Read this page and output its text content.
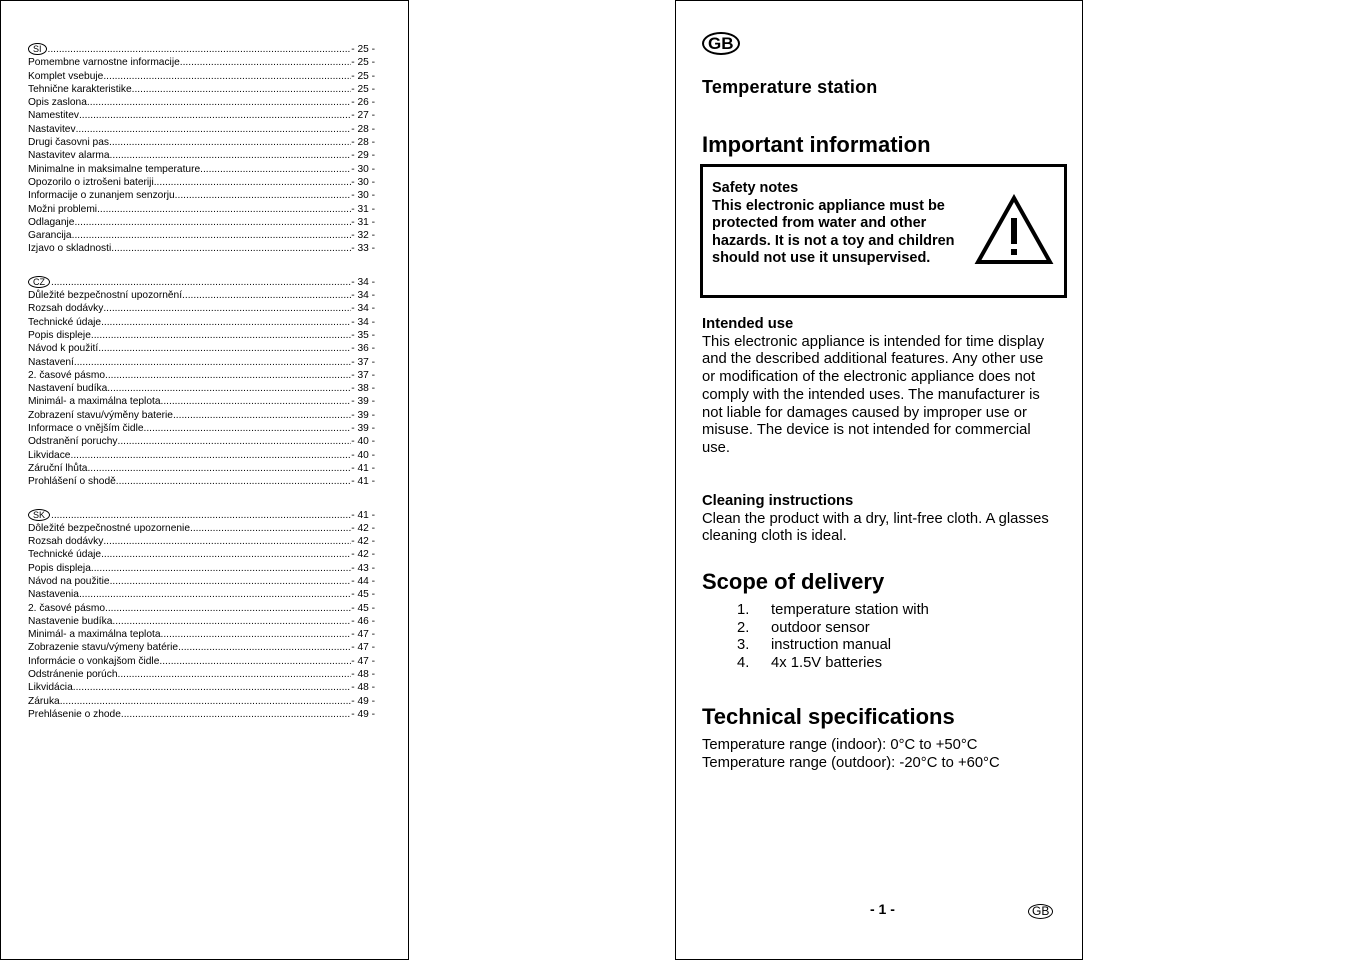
SI .....	- 25 -
Pomembne varnostne informacije .....	- 25 -
Komplet vsebuje .....	- 25 -
Tehnične karakteristike .....	- 25 -
Opis zaslona .....	- 26 -
Namestitev .....	- 27 -
Nastavitev .....	- 28 -
Drugi časovni pas .....	- 28 -
Nastavitev alarma .....	- 29 -
Minimalne in maksimalne temperature .....	- 30 -
Opozorilo o iztrošeni bateriji .....	- 30 -
Informacije o zunanjem senzorju .....	- 30 -
Možni problemi .....	- 31 -
Odlaganje .....	- 31 -
Garancija .....	- 32 -
Izjavo o skladnosti .....	- 33 -
CZ .....	- 34 -
Důležité bezpečnostní upozornění .....	- 34 -
Rozsah dodávky .....	- 34 -
Technické údaje .....	- 34 -
Popis displeje .....	- 35 -
Návod k použití .....	- 36 -
Nastavení .....	- 37 -
2. časové pásmo .....	- 37 -
Nastavení budíka .....	- 38 -
Minimál- a maximálna teplota .....	- 39 -
Zobrazení stavu/výměny baterie .....	- 39 -
Informace o vnějším čidle .....	- 39 -
Odstranění poruchy .....	- 40 -
Likvidace .....	- 40 -
Záruční lhůta .....	- 41 -
Prohlášení o shodě .....	- 41 -
SK .....	- 41 -
Dôležité bezpečnostné upozornenie .....	- 42 -
Rozsah dodávky .....	- 42 -
Technické údaje .....	- 42 -
Popis displeja .....	- 43 -
Návod na použitie .....	- 44 -
Nastavenia .....	- 45 -
2. časové pásmo .....	- 45 -
Nastavenie budíka .....	- 46 -
Minimál- a maximálna teplota .....	- 47 -
Zobrazenie stavu/výmeny batérie .....	- 47 -
Informácie o vonkajšom čidle .....	- 47 -
Odstránenie porúch .....	- 48 -
Likvidácia .....	- 48 -
Záruka .....	- 49 -
Prehlásenie o zhode .....	- 49 -
GB
Temperature station
Important information
Safety notes
This electronic appliance must be protected from water and other hazards. It is not a toy and children should not use it unsupervised.
Intended use
This electronic appliance is intended for time display and the described additional features. Any other use or modification of the electronic appliance does not comply with the intended uses. The manufacturer is not liable for damages caused by improper use or misuse. The device is not intended for commercial use.
Cleaning instructions
Clean the product with a dry, lint-free cloth. A glasses cleaning cloth is ideal.
Scope of delivery
1.	temperature station with
2.	outdoor sensor
3.	instruction manual
4.	4x 1.5V batteries
Technical specifications
Temperature range (indoor): 0°C to +50°C
Temperature range (outdoor): -20°C to +60°C
- 1 -	GB
